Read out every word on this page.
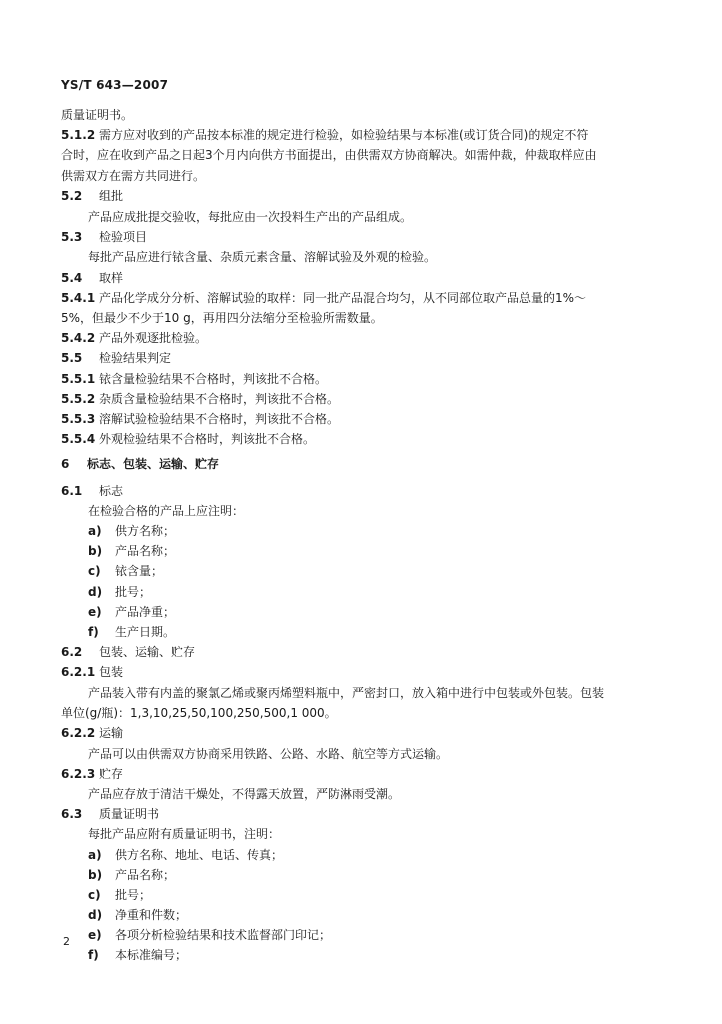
YS/T 643—2007
质量证明书。
5.1.2 需方应对收到的产品按本标准的规定进行检验，如检验结果与本标准(或订货合同)的规定不符
合时，应在收到产品之日起3个月内向供方书面提出，由供需双方协商解决。如需仲裁，仲裁取样应由
供需双方在需方共同进行。
5.2 组批
产品应成批提交验收，每批应由一次投料生产出的产品组成。
5.3 检验项目
每批产品应进行铱含量、杂质元素含量、溶解试验及外观的检验。
5.4 取样
5.4.1 产品化学成分分析、溶解试验的取样：同一批产品混合均匀，从不同部位取产品总量的1%～
5%，但最少不少于10 g，再用四分法缩分至检验所需数量。
5.4.2 产品外观逐批检验。
5.5 检验结果判定
5.5.1 铱含量检验结果不合格时，判该批不合格。
5.5.2 杂质含量检验结果不合格时，判该批不合格。
5.5.3 溶解试验检验结果不合格时，判该批不合格。
5.5.4 外观检验结果不合格时，判该批不合格。
6 标志、包装、运输、贮存
6.1 标志
在检验合格的产品上应注明：
a) 供方名称；
b) 产品名称；
c) 铱含量；
d) 批号；
e) 产品净重；
f) 生产日期。
6.2 包装、运输、贮存
6.2.1 包装
产品装入带有内盖的聚氯乙烯或聚丙烯塑料瓶中，严密封口，放入箱中进行中包装或外包装。包装
单位(g/瓶)：1,3,10,25,50,100,250,500,1 000。
6.2.2 运输
产品可以由供需双方协商采用铁路、公路、水路、航空等方式运输。
6.2.3 贮存
产品应存放于清洁干燥处，不得露天放置，严防淋雨受潮。
6.3 质量证明书
每批产品应附有质量证明书，注明：
a) 供方名称、地址、电话、传真；
b) 产品名称；
c) 批号；
d) 净重和件数；
e) 各项分析检验结果和技术监督部门印记；
f) 本标准编号；
2
